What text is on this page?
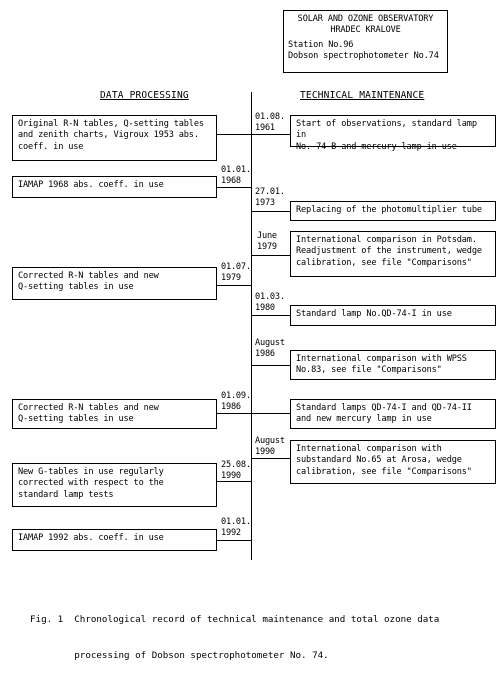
SOLAR AND OZONE OBSERVATORY
HRADEC KRALOVE
Station No.96
Dobson spectrophotometer No.74
DATA PROCESSING	TECHNICAL MAINTENANCE
01.08.
1961	Start of observations, standard lamp in
No. 74-B and mercury lamp in use
Original R-N tables, Q-setting tables
and zenith charts, Vigroux 1953 abs.
coeff. in use
01.01.
1968
IAMAP 1968 abs. coeff. in use
27.01.
1973
Replacing of the photomultiplier tube
June
1979
International comparison in Potsdam.
Readjustment of the instrument, wedge
calibration, see file "Comparisons"
01.07.
1979
Corrected R-N tables and new
Q-setting tables in use
01.03.
1980
Standard lamp No.QD-74-I in use
August
1986	International comparison with WPSS
No.83, see file "Comparisons"
01.09.
1986
Corrected R-N tables and new
Q-setting tables in use
Standard lamps QD-74-I and QD-74-II
and new mercury lamp in use
August
1990	International comparison with
substandard No.65 at Arosa, wedge
calibration, see file "Comparisons"
25.08.
1990
New G-tables in use regularly
corrected with respect to the
standard lamp tests
01.01.
1992
IAMAP 1992 abs. coeff. in use

Fig. 1  Chronological record of technical maintenance and total ozone data

processing of Dobson spectrophotometer No. 74.
